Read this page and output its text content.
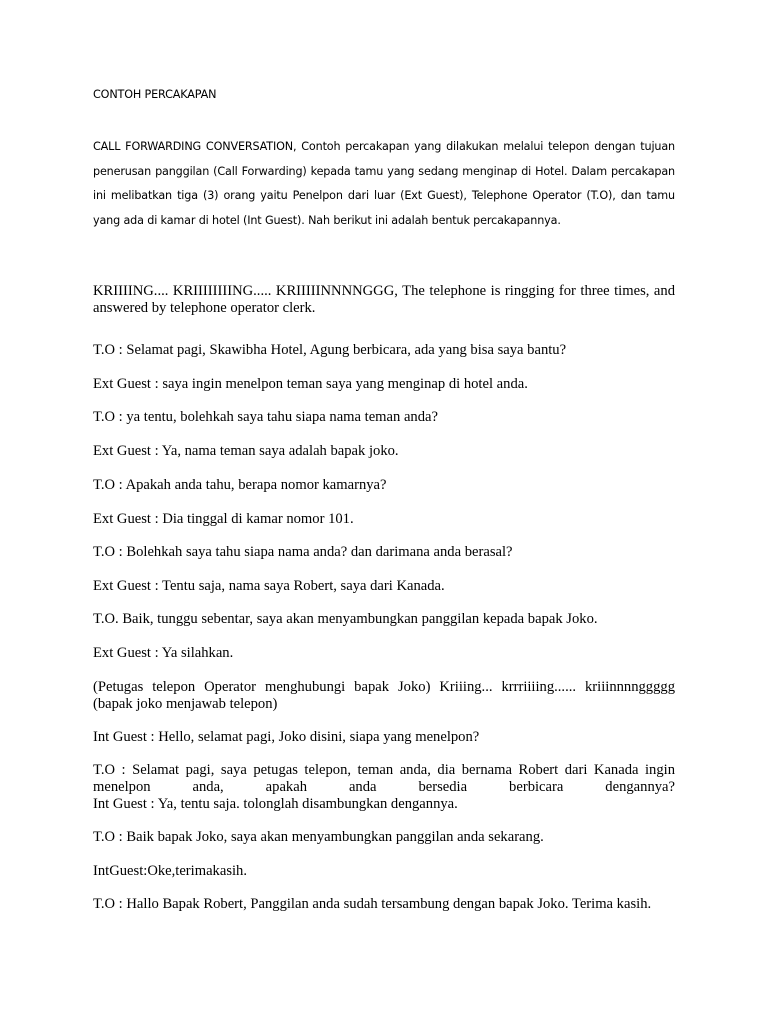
CONTOH PERCAKAPAN
CALL FORWARDING CONVERSATION, Contoh percakapan yang dilakukan melalui telepon dengan tujuan penerusan panggilan (Call Forwarding) kepada tamu yang sedang menginap di Hotel. Dalam percakapan ini melibatkan tiga (3) orang yaitu Penelpon dari luar (Ext Guest), Telephone Operator (T.O), dan tamu yang ada di kamar di hotel (Int Guest). Nah berikut ini adalah bentuk percakapannya.

KRIIIING.... KRIIIIIIIING..... KRIIIIINNNNGGG, The telephone is ringging for three times, and answered by telephone operator clerk.

T.O : Selamat pagi, Skawibha Hotel, Agung berbicara, ada yang bisa saya bantu?

Ext Guest : saya ingin menelpon teman saya yang menginap di hotel anda.

T.O : ya tentu, bolehkah saya tahu siapa nama teman anda?

Ext Guest : Ya, nama teman saya adalah bapak joko.

T.O : Apakah anda tahu, berapa nomor kamarnya?

Ext Guest : Dia tinggal di kamar nomor 101.

T.O : Bolehkah saya tahu siapa nama anda? dan darimana anda berasal?

Ext Guest : Tentu saja, nama saya Robert, saya dari Kanada.

T.O. Baik, tunggu sebentar, saya akan menyambungkan panggilan kepada bapak Joko.

Ext Guest : Ya silahkan.

(Petugas telepon Operator menghubungi bapak Joko) Kriiing... krrriiiing...... kriiinnnnggggg (bapak joko menjawab telepon)

Int Guest : Hello, selamat pagi, Joko disini, siapa yang menelpon?

T.O : Selamat pagi, saya petugas telepon, teman anda, dia bernama Robert dari Kanada ingin menelpon anda, apakah anda bersedia berbicara dengannya?

Int Guest : Ya, tentu saja. tolonglah disambungkan dengannya.

T.O : Baik bapak Joko, saya akan menyambungkan panggilan anda sekarang.

IntGuest:Oke,terimakasih.

T.O : Hallo Bapak Robert, Panggilan anda sudah tersambung dengan bapak Joko. Terima kasih.
